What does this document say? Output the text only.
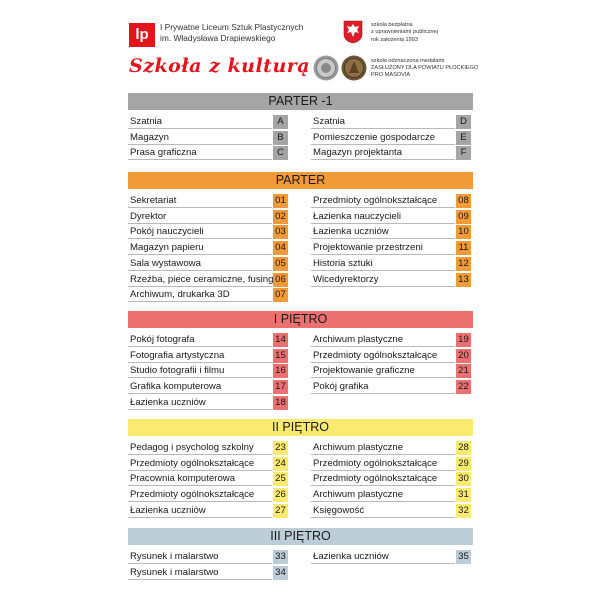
lp	I Prywatne Liceum Sztuk Plastycznych
im. Władysława Drapiewskiego
Szkoła z kulturą
szkoła bezpłatna
z uprawnieniami publicznej
rok założenia 1993
szkoła odznaczona medalami
ZASŁUŻONY DLA POWIATU PŁOCKIEGO
PRO MASOVIA
PARTER -1
Szatnia	A
Magazyn	B
Prasa graficzna	C
Szatnia	D
Pomieszczenie gospodarcze	E
Magazyn projektanta	F
PARTER
Sekretariat	01
Dyrektor	02
Pokój nauczycieli	03
Magazyn papieru	04
Sala wystawowa	05
Rzeźba, piece ceramiczne, fusing 06
Archiwum, drukarka 3D	07
Przedmioty ogólnokształcące 08
Łazienka nauczycieli	09
Łazienka uczniów	10
Projektowanie przestrzeni	11
Historia sztuki	12
Wicedyrektorzy	13
I PIĘTRO
Pokój fotografa	14
Fotografia artystyczna	15
Studio fotografii i filmu	16
Grafika komputerowa	17
Łazienka uczniów	18
Archiwum plastyczne	19
Przedmioty ogólnokształcące 20
Projektowanie graficzne	21
Pokój grafika	22
II PIĘTRO
Pedagog i psycholog szkolny 23
Przedmioty ogólnokształcące 24
Pracownia komputerowa	25
Przedmioty ogólnokształcące 26
Łazienka uczniów	27
Archiwum plastyczne	28
Przedmioty ogólnokształcące 29
Przedmioty ogólnokształcące 30
Archiwum plastyczne	31
Księgowość	32
III PIĘTRO
Rysunek i malarstwo	33
Rysunek i malarstwo	34
Łazienka uczniów	35
